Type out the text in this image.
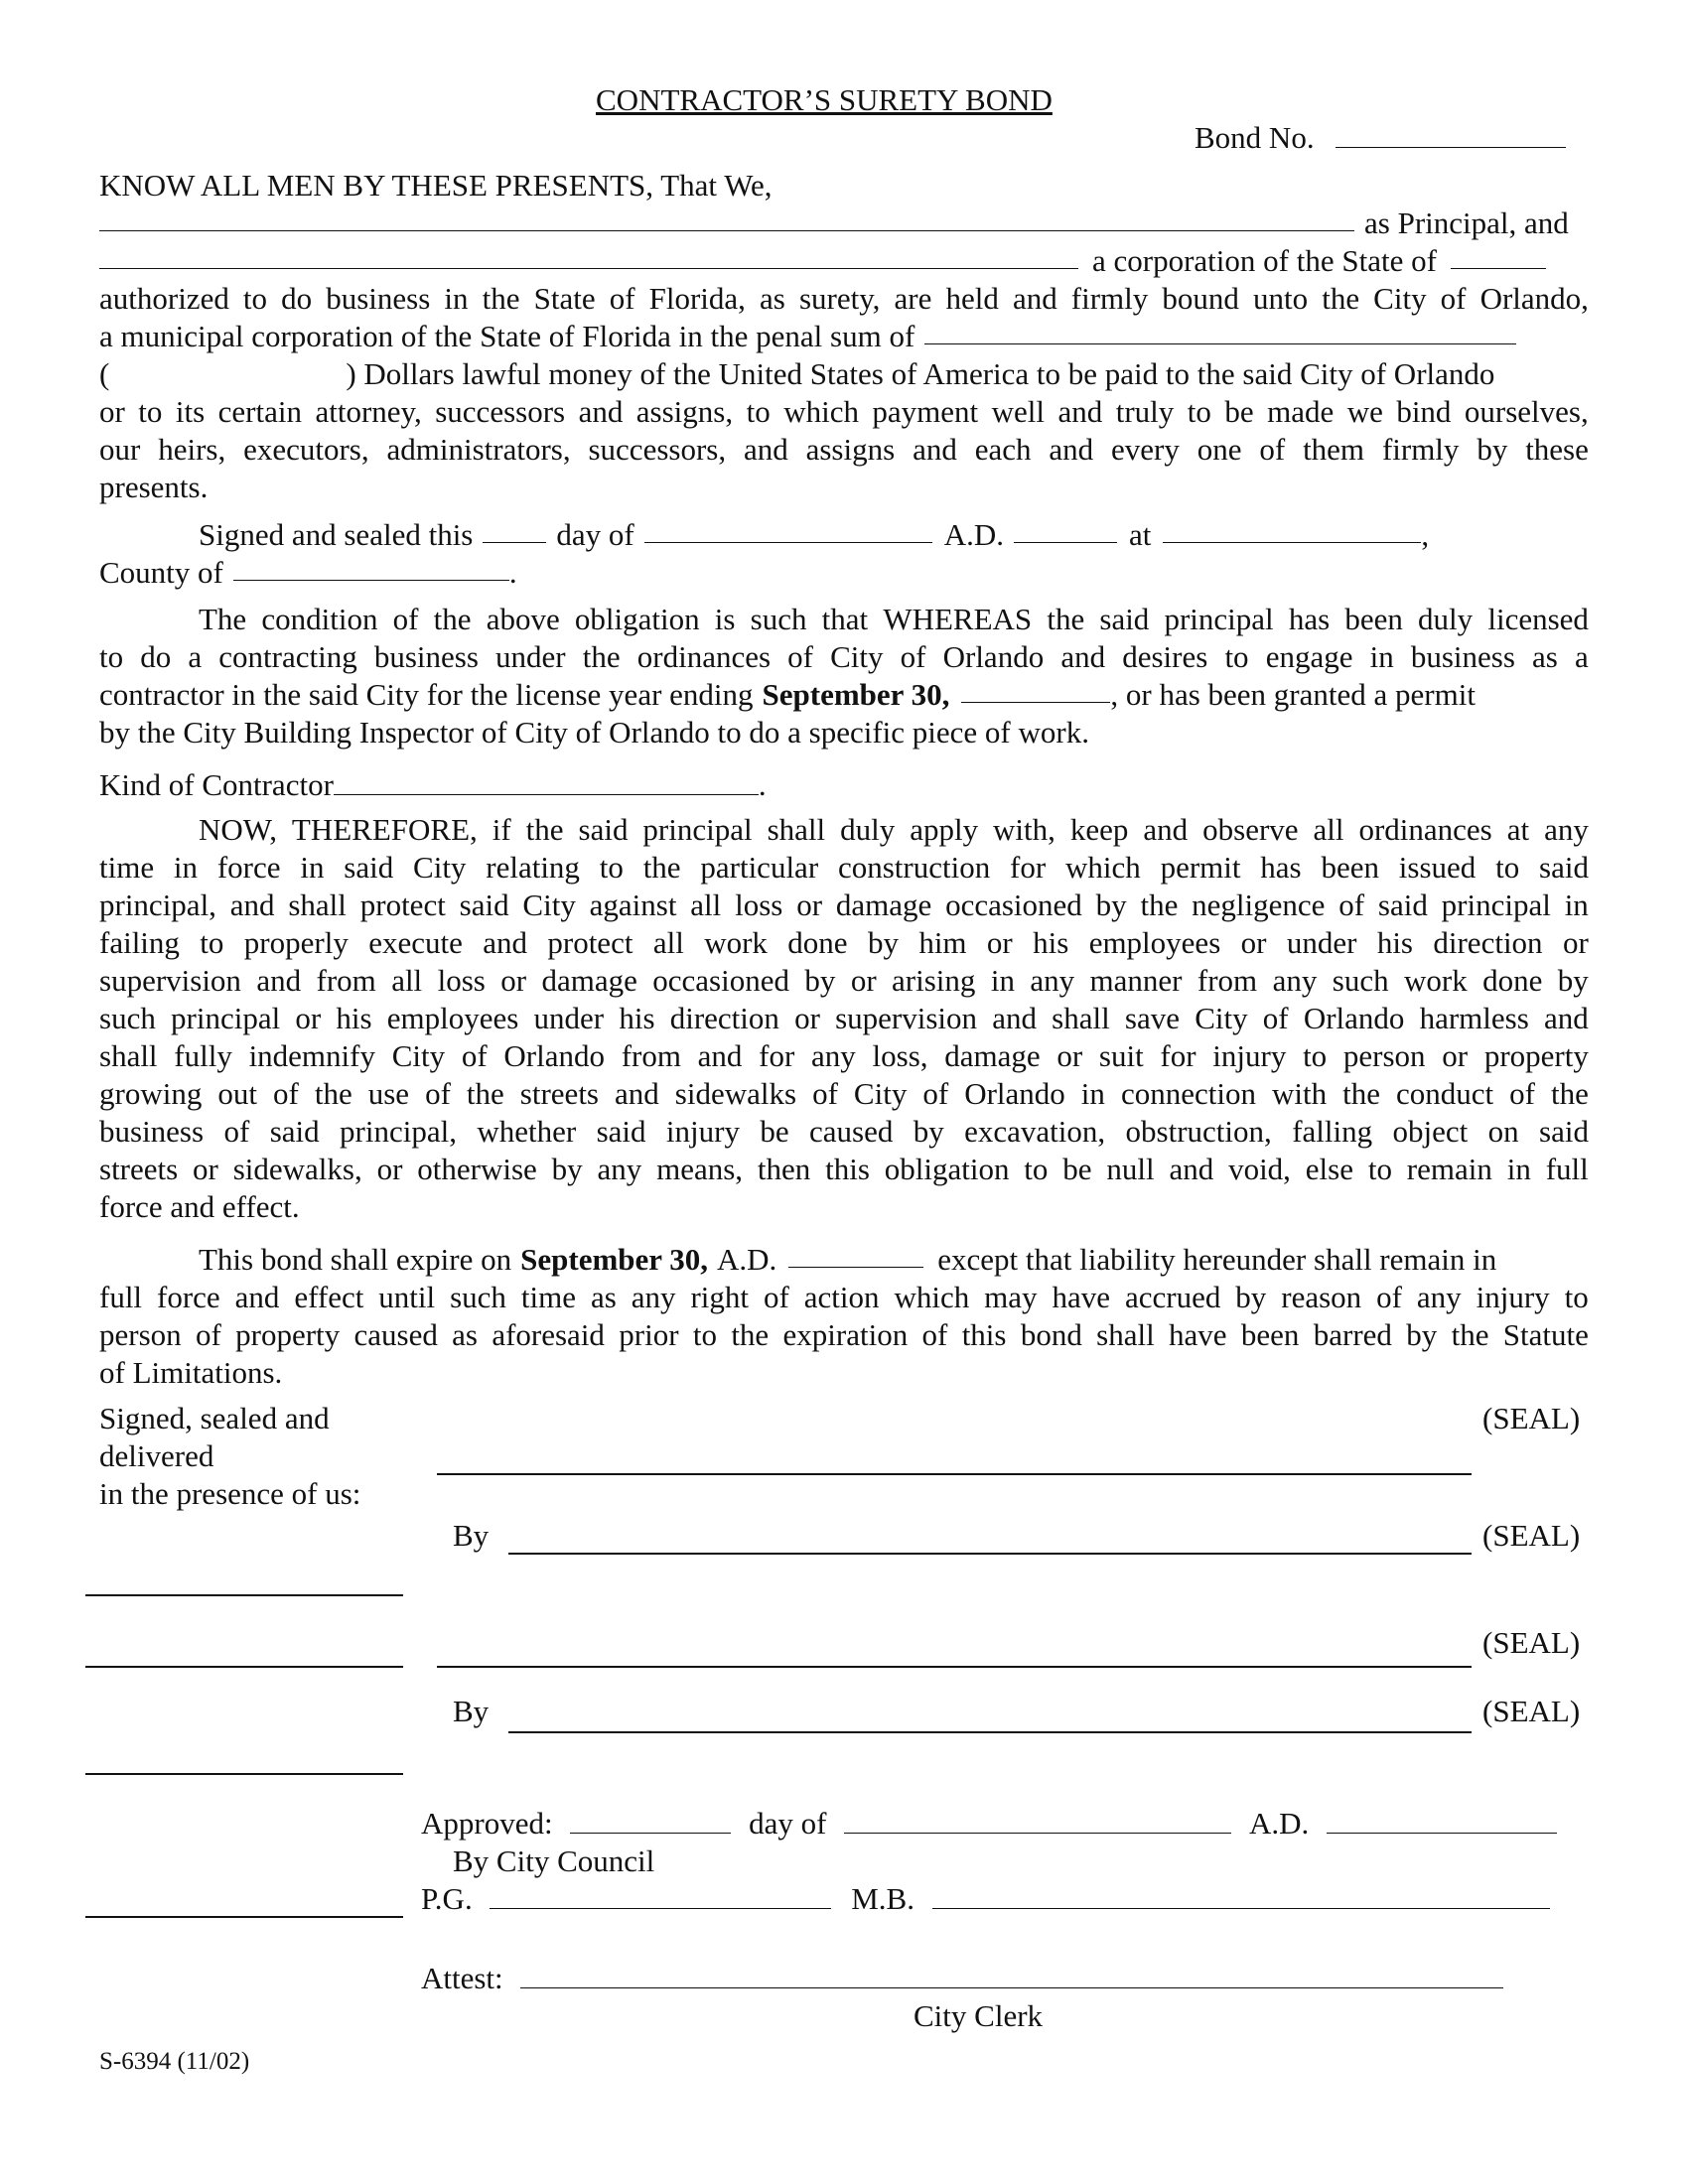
CONTRACTOR’S SURETY BOND
Bond No.
KNOW ALL MEN BY THESE PRESENTS, That We,
as Principal, and
a corporation of the State of
authorized to do business in the State of Florida, as surety, are held and firmly bound unto the City of Orlando,
a municipal corporation of the State of Florida in the penal sum of
(	) Dollars lawful money of the United States of America to be paid to the said City of Orlando
or to its certain attorney, successors and assigns, to which payment well and truly to be made we bind ourselves,
our heirs, executors, administrators, successors, and assigns and each and every one of them firmly by these
presents.
Signed and sealed this	day of	A.D.	at	,
County of	.
The condition of the above obligation is such that WHEREAS the said principal has been duly licensed
to do a contracting business under the ordinances of City of Orlando and desires to engage in business as a
contractor in the said City for the license year ending September 30,	, or has been granted a permit
by the City Building Inspector of City of Orlando to do a specific piece of work.
Kind of Contractor	.
NOW, THEREFORE, if the said principal shall duly apply with, keep and observe all ordinances at any
time in force in said City relating to the particular construction for which permit has been issued to said
principal, and shall protect said City against all loss or damage occasioned by the negligence of said principal in
failing to properly execute and protect all work done by him or his employees or under his direction or
supervision and from all loss or damage occasioned by or arising in any manner from any such work done by
such principal or his employees under his direction or supervision and shall save City of Orlando harmless and
shall fully indemnify City of Orlando from and for any loss, damage or suit for injury to person or property
growing out of the use of the streets and sidewalks of City of Orlando in connection with the conduct of the
business of said principal, whether said injury be caused by excavation, obstruction, falling object on said
streets or sidewalks, or otherwise by any means, then this obligation to be null and void, else to remain in full
force and effect.
This bond shall expire on September 30, A.D.	except that liability hereunder shall remain in
full force and effect until such time as any right of action which may have accrued by reason of any injury to
person of property caused as aforesaid prior to the expiration of this bond shall have been barred by the Statute
of Limitations.
Signed, sealed and
delivered
in the presence of us:
(SEAL)
By	(SEAL)
(SEAL)
By	(SEAL)
Approved:	day of	A.D.
By City Council
P.G.	M.B.
Attest:
City Clerk
S-6394 (11/02)
